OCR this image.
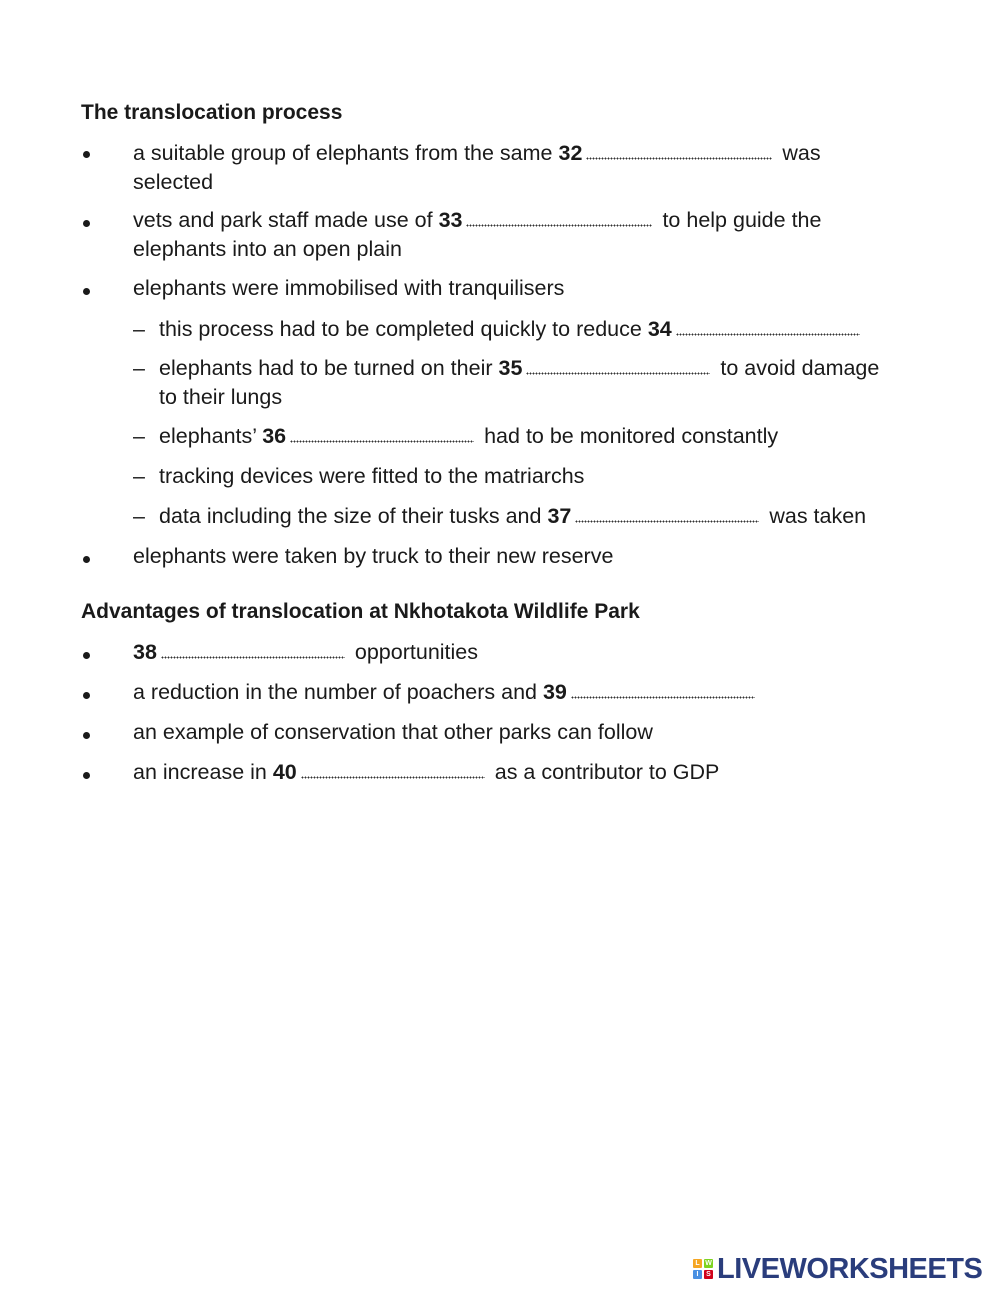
The translocation process
a suitable group of elephants from the same 32	was
selected
vets and park staff made use of 33	to help guide the
elephants into an open plain
elephants were immobilised with tranquilisers
– this process had to be completed quickly to reduce 34
– elephants had to be turned on their 35	to avoid damage
to their lungs
– elephants’ 36	had to be monitored constantly
– tracking devices were fitted to the matriarchs
– data including the size of their tusks and 37	was taken
elephants were taken by truck to their new reserve
Advantages of translocation at Nkhotakota Wildlife Park
38	opportunities
a reduction in the number of poachers and 39
an example of conservation that other parks can follow
an increase in 40	as a contributor to GDP
L W
I	S LIVEWORKSHEETS
